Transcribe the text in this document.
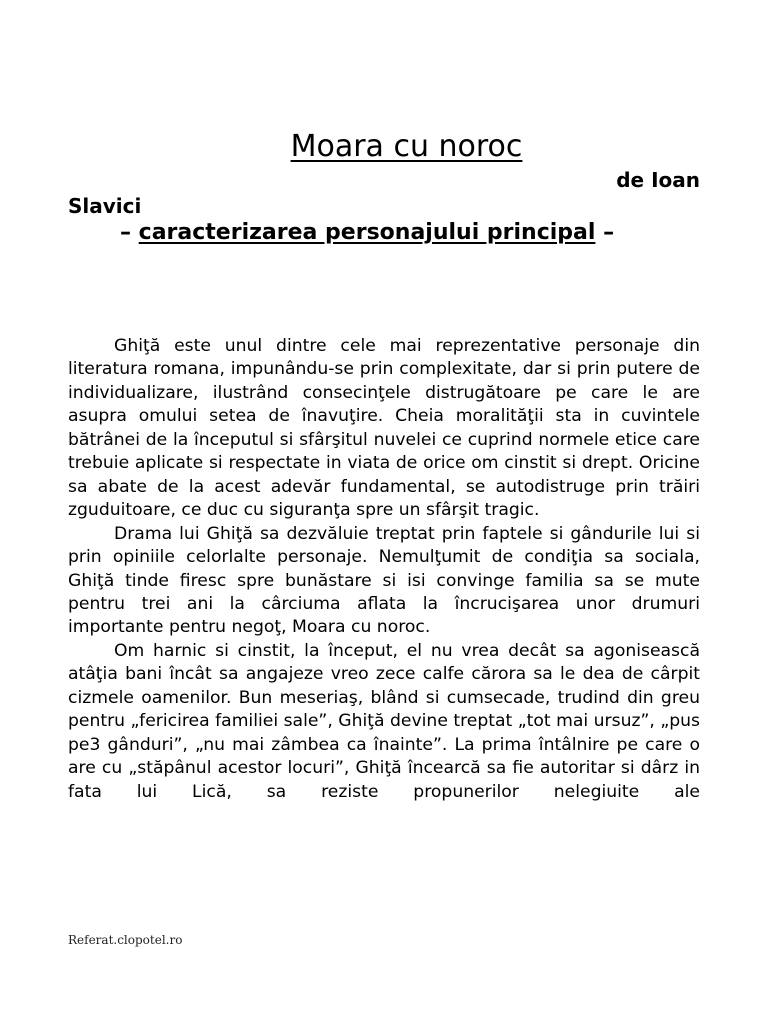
Moara cu noroc
de Ioan
Slavici
– caracterizarea personajului principal –

Ghiţă este unul dintre cele mai reprezentative personaje din literatura romana, impunându-se prin complexitate, dar si prin putere de individualizare, ilustrând consecinţele distrugătoare pe care le are asupra omului setea de înavuţire. Cheia moralităţii sta in cuvintele bătrânei de la începutul si sfârşitul nuvelei ce cuprind normele etice care trebuie aplicate si respectate in viata de orice om cinstit si drept. Oricine sa abate de la acest adevăr fundamental, se autodistruge prin trăiri zguduitoare, ce duc cu siguranţa spre un sfârşit tragic.

Drama lui Ghiţă sa dezvăluie treptat prin faptele si gândurile lui si prin opiniile celorlalte personaje. Nemulţumit de condiţia sa sociala, Ghiţă tinde firesc spre bunăstare si isi convinge familia sa se mute pentru trei ani la cârciuma aflata la încrucişarea unor drumuri importante pentru negoţ, Moara cu noroc.

Om harnic si cinstit, la început, el nu vrea decât sa agonisească atâţia bani încât sa angajeze vreo zece calfe cărora sa le dea de cârpit cizmele oamenilor. Bun meseriaş, blând si cumsecade, trudind din greu pentru „fericirea familiei sale”, Ghiţă devine treptat „tot mai ursuz”, „pus pe3 gânduri”, „nu mai zâmbea ca înainte”. La prima întâlnire pe care o are cu „stăpânul acestor locuri”, Ghiţă încearcă sa fie autoritar si dârz in fata lui Lică, sa reziste propunerilor nelegiuite ale

Referat.clopotel.ro
